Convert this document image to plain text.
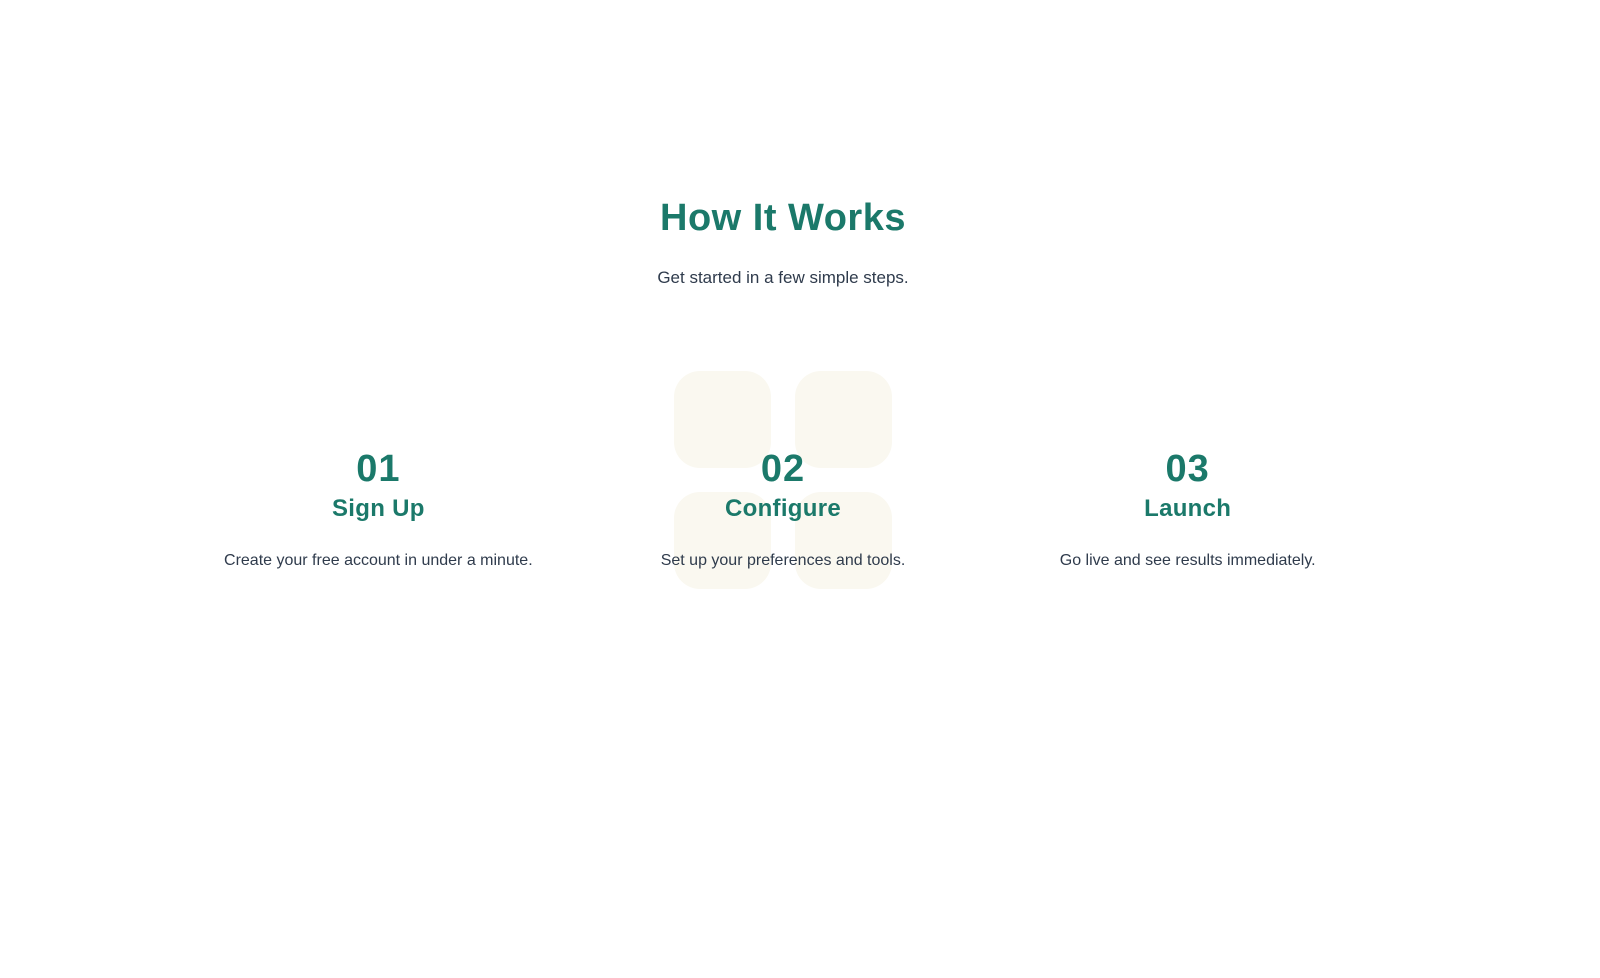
How It Works

Get started in a few simple steps.

01
Sign Up
Create your free account in under a minute.
02
Configure
Set up your preferences and tools.
03
Launch
Go live and see results immediately.
